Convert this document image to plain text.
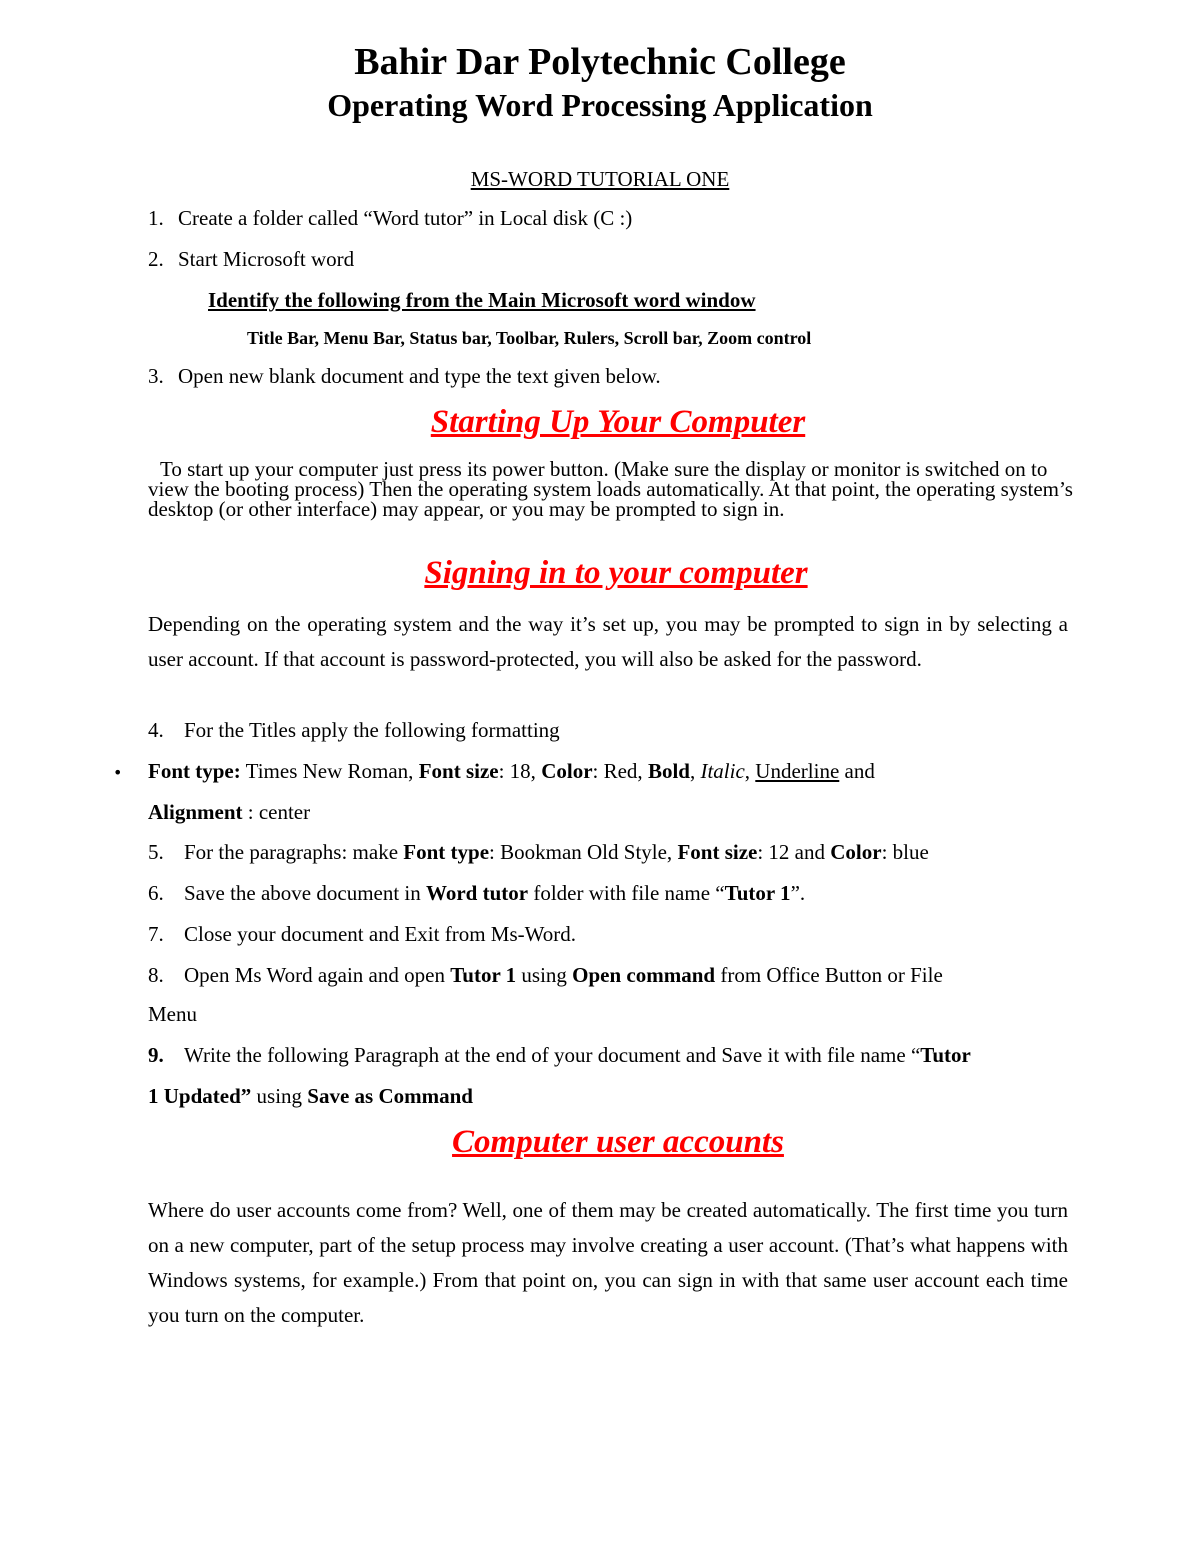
Bahir Dar Polytechnic College
Operating Word Processing Application
MS-WORD TUTORIAL ONE
1. Create a folder called “Word tutor” in Local disk (C :)
2. Start Microsoft word
Identify the following from the Main Microsoft word window
Title Bar, Menu Bar, Status bar, Toolbar, Rulers, Scroll bar, Zoom control
3. Open new blank document and type the text given below.
Starting Up Your Computer
To start up your computer just press its power button. (Make sure the display or monitor is switched on to view the booting process) Then the operating system loads automatically. At that point, the operating system’s desktop (or other interface) may appear, or you may be prompted to sign in.
Signing in to your computer
Depending on the operating system and the way it’s set up, you may be prompted to sign in by selecting a user account. If that account is password-protected, you will also be asked for the password.
4. For the Titles apply the following formatting
• Font type: Times New Roman, Font size: 18, Color: Red, Bold, Italic, Underline and
Alignment : center
5. For the paragraphs: make Font type: Bookman Old Style, Font size: 12 and Color: blue
6. Save the above document in Word tutor folder with file name “Tutor 1”.
7. Close your document and Exit from Ms-Word.
8. Open Ms Word again and open Tutor 1 using Open command from Office Button or File
Menu
9. Write the following Paragraph at the end of your document and Save it with file name “Tutor
1 Updated” using Save as Command
Computer user accounts
Where do user accounts come from? Well, one of them may be created automatically. The first time you turn on a new computer, part of the setup process may involve creating a user account. (That’s what happens with Windows systems, for example.) From that point on, you can sign in with that same user account each time you turn on the computer.
